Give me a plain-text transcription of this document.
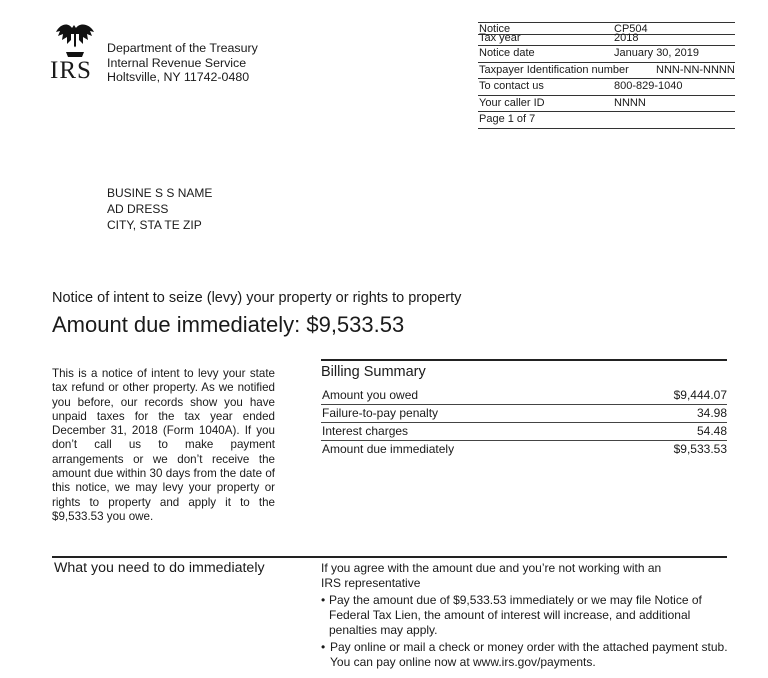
IRS
Department of the Treasury
Internal Revenue Service
Holtsville, NY 11742-0480
Notice	CP504
Tax year	2018
Notice date	January 30, 2019
Taxpayer Identification number NNN-NN-NNNN
To contact us	800-829-1040
Your caller ID	NNNN
Page 1 of 7
BUSINE S S NAME
AD DRESS
CITY, STA TE ZIP
Notice of intent to seize (levy) your property or rights to property
Amount due immediately: $9,533.53
This is a notice of intent to levy your state tax refund or other property. As we notified you before, our records show you have unpaid taxes for the tax year ended December 31, 2018 (Form 1040A). If you don’t call us to make payment arrangements or we don’t receive the amount due within 30 days from the date of this notice, we may levy your property or rights to property and apply it to the $9,533.53 you owe.
Billing Summary
Amount you owed	$9,444.07
Failure-to-pay penalty	34.98
Interest charges	54.48
Amount due immediately	$9,533.53
What you need to do immediately	If you agree with the amount due and you’re not working with an IRS representative
• Pay the amount due of $9,533.53 immediately or we may file Notice of Federal Tax Lien, the amount of interest will increase, and additional penalties may apply.
• Pay online or mail a check or money order with the attached payment stub. You can pay online now at www.irs.gov/payments.
